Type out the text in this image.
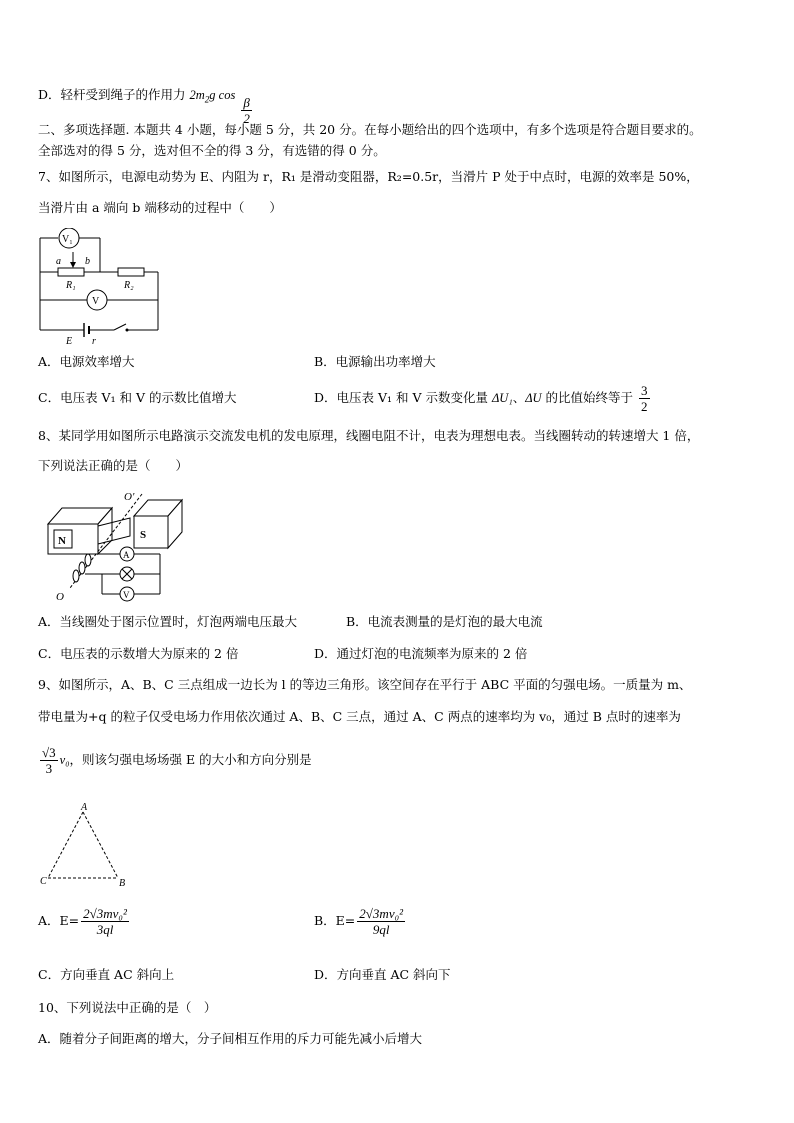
D．轻杆受到绳子的作用力 $2m_2g$ $\cos \frac{\beta}{2}$
二、多项选择题. 本题共 4 小题，每小题 5 分，共 20 分。在每小题给出的四个选项中，有多个选项是符合题目要求的。
全部选对的得 5 分，选对但不全的得 3 分，有选错的得 0 分。
7、如图所示，电源电动势为 E、内阻为 r，R₁ 是滑动变阻器，R₂=0.5r，当滑片 P 处于中点时，电源的效率是 50%，
当滑片由 a 端向 b 端移动的过程中（　　）
V₁
a b
R₁	R₂
V
E r
A．电源效率增大	B．电源输出功率增大
C．电压表 V₁ 和 V 的示数比值增大	D．电压表 V₁ 和 V 示数变化量 ΔU₁、ΔU 的比值始终等于 $\frac{3}{2}$
8、某同学用如图所示电路演示交流发电机的发电原理，线圈电阻不计，电表为理想电表。当线圈转动的转速增大 1 倍，
下列说法正确的是（　　）
N	S
O'
O
A
V
A．当线圈处于图示位置时，灯泡两端电压最大	B．电流表测量的是灯泡的最大电流
C．电压表的示数增大为原来的 2 倍	D．通过灯泡的电流频率为原来的 2 倍
9、如图所示，A、B、C 三点组成一边长为 l 的等边三角形。该空间存在平行于 ABC 平面的匀强电场。一质量为 m、
带电量为+q 的粒子仅受电场力作用依次通过 A、B、C 三点，通过 A、C 两点的速率均为 v₀，通过 B 点时的速率为
$\frac{√3}{3} v_0$，则该匀强电场场强 E 的大小和方向分别是
A
C	B
A．$E= \frac{\text{2√3mv₀²}}{3ql}$	B．$E= \frac{\text{2√3mv₀²}}{9ql}$
C．方向垂直 AC 斜向上	D．方向垂直 AC 斜向下
10、下列说法中正确的是（　）
A．随着分子间距离的增大，分子间相互作用的斥力可能先减小后增大
